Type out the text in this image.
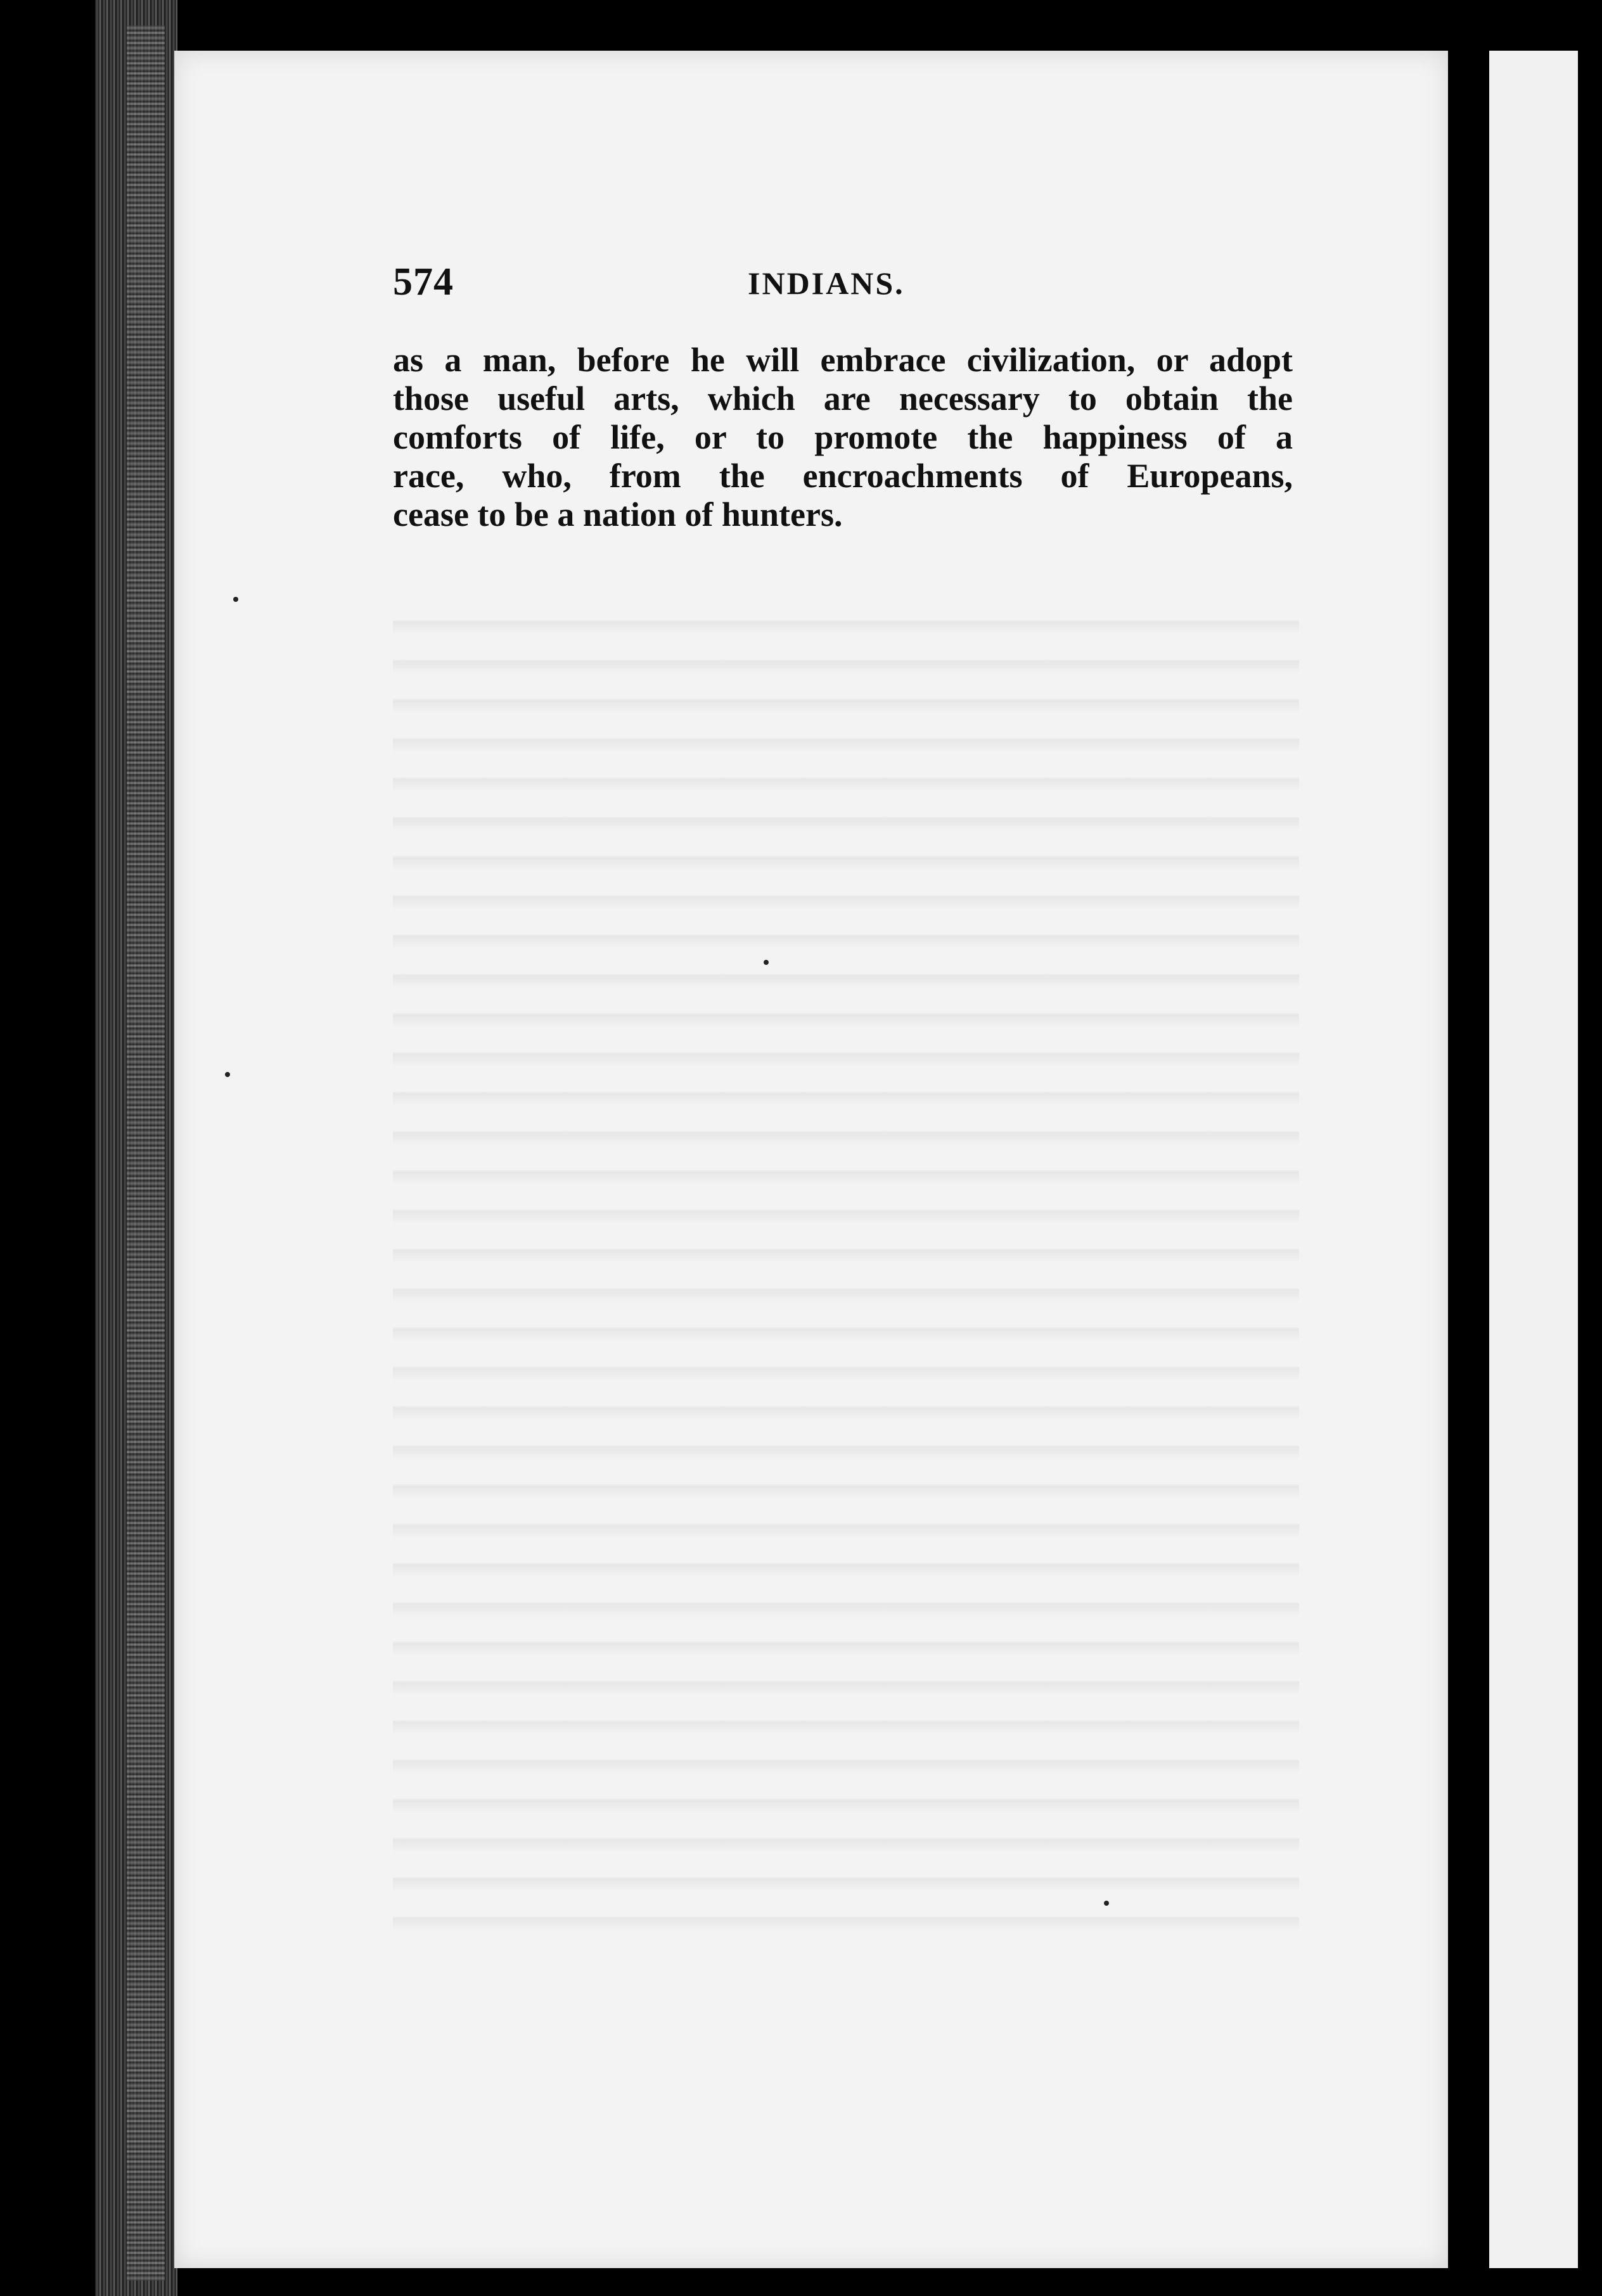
574	INDIANS.
as a man, before he will embrace civilization, or adopt
those useful arts, which are necessary to obtain the
comforts of life, or to promote the happiness of a
race, who, from the encroachments of Europeans,
cease to be a nation of hunters.
